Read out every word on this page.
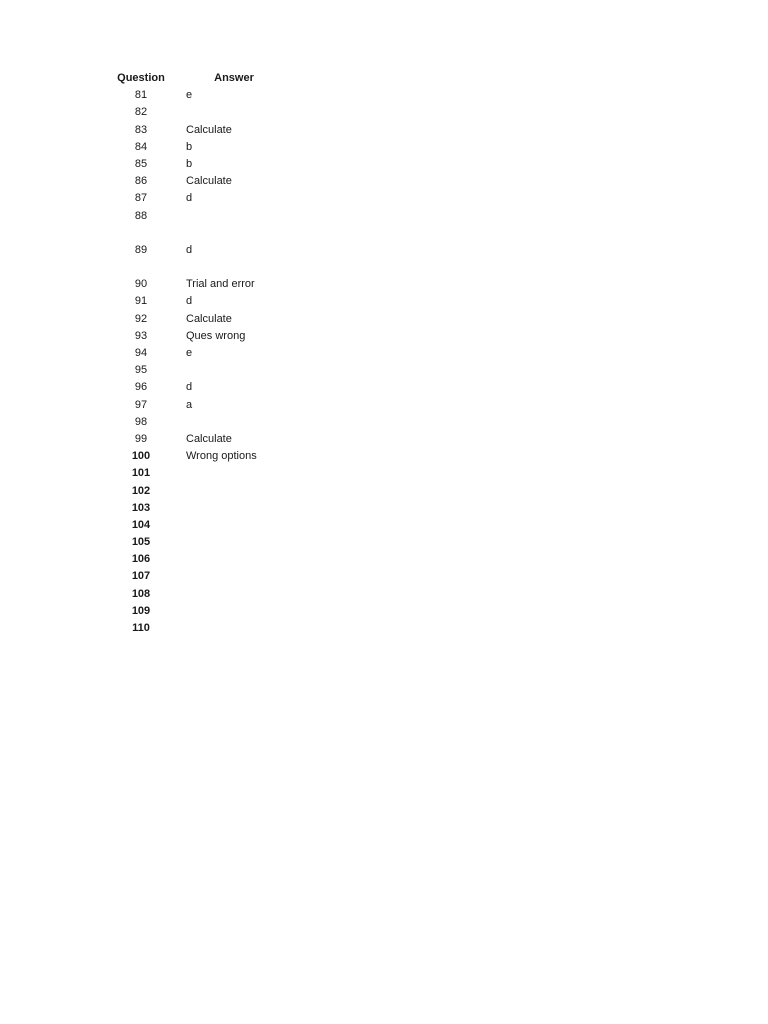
Question	Answer
81	e
82
83	Calculate
84	b
85	b
86	Calculate
87	d
88
89	d
90	Trial and error
91	d
92	Calculate
93	Ques wrong
94	e
95
96	d
97	a
98
99	Calculate
100	Wrong options
101
102
103
104
105
106
107
108
109
110
